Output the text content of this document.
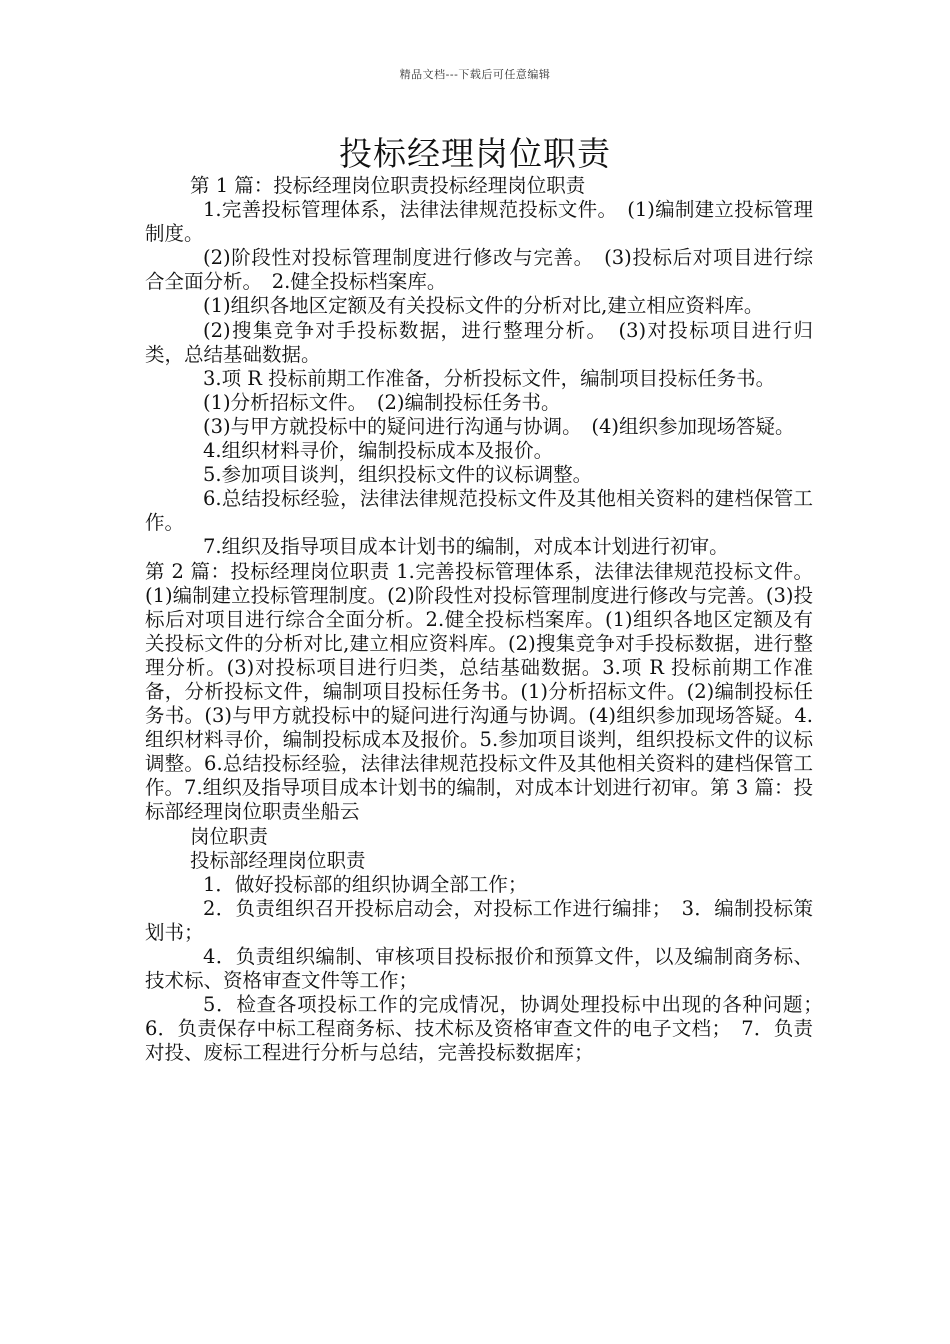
精品文档---下载后可任意编辑
投标经理岗位职责

第 1 篇：投标经理岗位职责投标经理岗位职责

1.完善投标管理体系，法律法律规范投标文件。　(1)编制建立投标管理制度。

(2)阶段性对投标管理制度进行修改与完善。　(3)投标后对项目进行综合全面分析。　2.健全投标档案库。

(1)组织各地区定额及有关投标文件的分析对比,建立相应资料库。

(2)搜集竞争对手投标数据，进行整理分析。　(3)对投标项目进行归类，总结基础数据。

3.项 R 投标前期工作准备，分析投标文件，编制项目投标任务书。

(1)分析招标文件。　(2)编制投标任务书。

(3)与甲方就投标中的疑问进行沟通与协调。　(4)组织参加现场答疑。

4.组织材料寻价，编制投标成本及报价。

5.参加项目谈判，组织投标文件的议标调整。

6.总结投标经验，法律法律规范投标文件及其他相关资料的建档保管工作。

7.组织及指导项目成本计划书的编制，对成本计划进行初审。

第 2 篇：投标经理岗位职责 1.完善投标管理体系，法律法律规范投标文件。(1)编制建立投标管理制度。(2)阶段性对投标管理制度进行修改与完善。(3)投标后对项目进行综合全面分析。2.健全投标档案库。(1)组织各地区定额及有关投标文件的分析对比,建立相应资料库。(2)搜集竞争对手投标数据，进行整理分析。(3)对投标项目进行归类，总结基础数据。3.项 R 投标前期工作准备，分析投标文件，编制项目投标任务书。(1)分析招标文件。(2)编制投标任务书。(3)与甲方就投标中的疑问进行沟通与协调。(4)组织参加现场答疑。4.组织材料寻价，编制投标成本及报价。5.参加项目谈判，组织投标文件的议标调整。6.总结投标经验，法律法律规范投标文件及其他相关资料的建档保管工作。7.组织及指导项目成本计划书的编制，对成本计划进行初审。第 3 篇：投标部经理岗位职责坐船云

岗位职责

投标部经理岗位职责

1．做好投标部的组织协调全部工作；

2．负责组织召开投标启动会，对投标工作进行编排；　3．编制投标策划书；

4．负责组织编制、审核项目投标报价和预算文件，以及编制商务标、技术标、资格审查文件等工作；

5．检查各项投标工作的完成情况，协调处理投标中出现的各种问题；　6．负责保存中标工程商务标、技术标及资格审查文件的电子文档；　7．负责对投、废标工程进行分析与总结，完善投标数据库；
